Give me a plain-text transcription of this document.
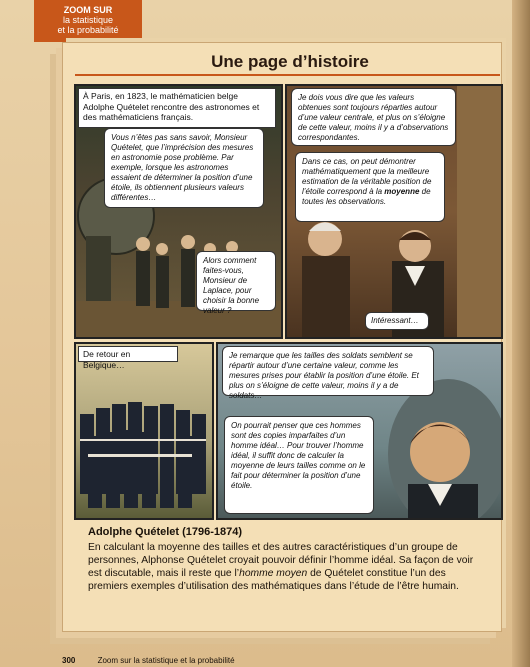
ZOOM SUR
la statistique
et la probabilité
Une page d’histoire
À Paris, en 1823, le mathématicien belge Adolphe Quételet rencontre des astronomes et des mathématiciens français.
Vous n’êtes pas sans savoir, Monsieur Quételet, que l’imprécision des mesures en astronomie pose problème. Par exemple, lorsque les astronomes essaient de déterminer la position d’une étoile, ils obtiennent plusieurs valeurs différentes…
Alors comment faites-vous, Monsieur de Laplace, pour choisir la bonne valeur ?
Je dois vous dire que les valeurs obtenues sont toujours réparties autour d’une valeur centrale, et plus on s’éloigne de cette valeur, moins il y a d’observations correspondantes.
Dans ce cas, on peut démontrer mathématiquement que la meilleure estimation de la véritable position de l’étoile correspond à la moyenne de toutes les observations.
Intéressant…
De retour en Belgique…
Je remarque que les tailles des soldats semblent se répartir autour d’une certaine valeur, comme les mesures prises pour établir la position d’une étoile. Et plus on s’éloigne de cette valeur, moins il y a de soldats…
On pourrait penser que ces hommes sont des copies imparfaites d’un homme idéal… Pour trouver l’homme idéal, il suffit donc de calculer la moyenne de leurs tailles comme on le fait pour déterminer la position d’une étoile.
Adolphe Quételet (1796-1874)
En calculant la moyenne des tailles et des autres caractéristiques d’un groupe de personnes, Alphonse Quételet croyait pouvoir définir l’homme idéal. Sa façon de voir est discutable, mais il reste que l’homme moyen de Quételet constitue l’un des premiers exemples d’utilisation des mathématiques dans l’étude de l’être humain.
300	Zoom sur la statistique et la probabilité
